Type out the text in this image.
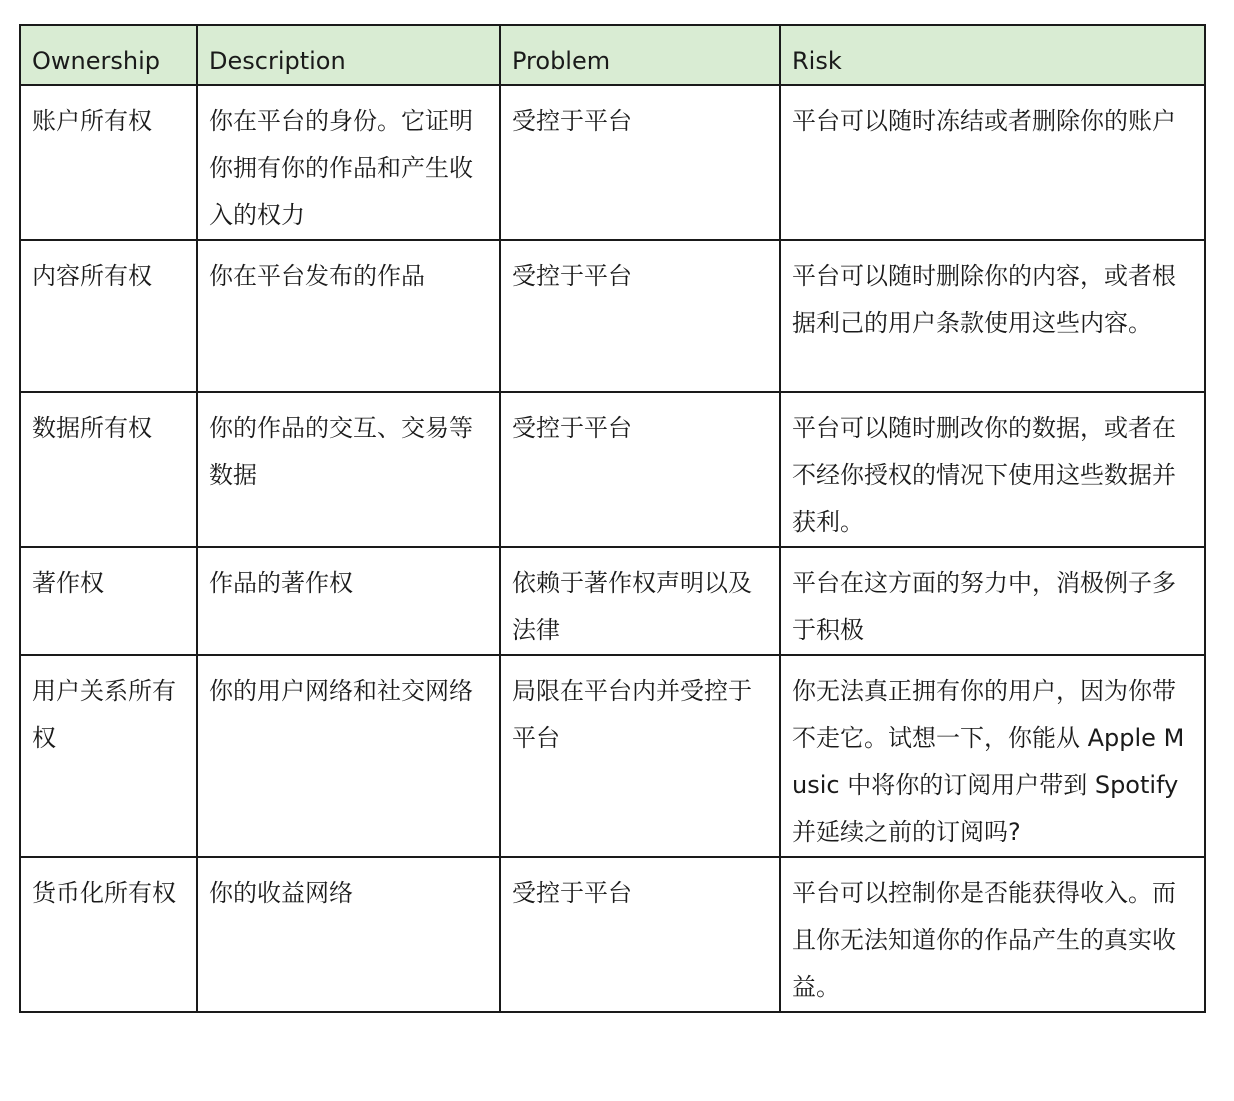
Ownership	Description	Problem	Risk
账户所有权	你在平台的身份。它证明你拥有你的作品和产生收入的权力	受控于平台	平台可以随时冻结或者删除你的账户
内容所有权	你在平台发布的作品	受控于平台	平台可以随时删除你的内容，或者根据利己的用户条款使用这些内容。
数据所有权	你的作品的交互、交易等数据	受控于平台	平台可以随时删改你的数据，或者在不经你授权的情况下使用这些数据并获利。
著作权	作品的著作权	依赖于著作权声明以及法律	平台在这方面的努力中，消极例子多于积极
用户关系所有权	你的用户网络和社交网络	局限在平台内并受控于平台	你无法真正拥有你的用户，因为你带不走它。试想一下，你能从 Apple Music 中将你的订阅用户带到 Spotify 并延续之前的订阅吗?
货币化所有权	你的收益网络	受控于平台	平台可以控制你是否能获得收入。而且你无法知道你的作品产生的真实收益。
